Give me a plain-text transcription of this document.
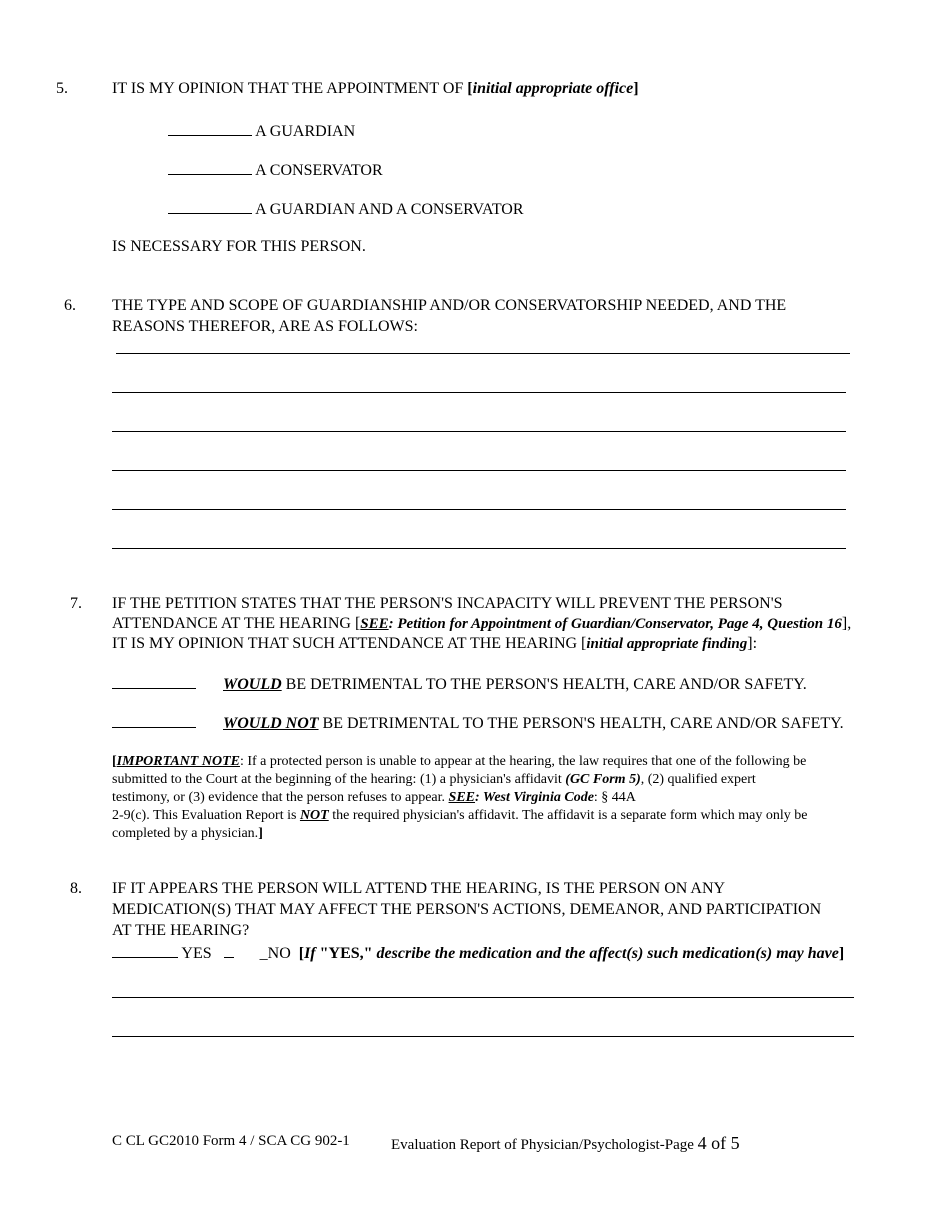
5.	IT IS MY OPINION THAT THE APPOINTMENT OF [initial appropriate office]
A GUARDIAN
A CONSERVATOR
A GUARDIAN AND A CONSERVATOR
IS NECESSARY FOR THIS PERSON.
6. THE TYPE AND SCOPE OF GUARDIANSHIP AND/OR CONSERVATORSHIP NEEDED, AND THE
REASONS THEREFOR, ARE AS FOLLOWS:
7. IF THE PETITION STATES THAT THE PERSON'S INCAPACITY WILL PREVENT THE PERSON'S
ATTENDANCE AT THE HEARING [SEE: Petition for Appointment of Guardian/Conservator, Page 4, Question 16],
IT IS MY OPINION THAT SUCH ATTENDANCE AT THE HEARING [initial appropriate finding]:
WOULD BE DETRIMENTAL TO THE PERSON'S HEALTH, CARE AND/OR SAFETY.
WOULD NOT BE DETRIMENTAL TO THE PERSON'S HEALTH, CARE AND/OR SAFETY.
[IMPORTANT NOTE: If a protected person is unable to appear at the hearing, the law requires that one of the following be
submitted to the Court at the beginning of the hearing: (1) a physician's affidavit (GC Form 5), (2) qualified expert
testimony, or (3) evidence that the person refuses to appear. SEE: West Virginia Code: § 44A
2-9(c). This Evaluation Report is NOT the required physician's affidavit. The affidavit is a separate form which may only be
completed by a physician.]
8. IF IT APPEARS THE PERSON WILL ATTEND THE HEARING, IS THE PERSON ON ANY
MEDICATION(S) THAT MAY AFFECT THE PERSON'S ACTIONS, DEMEANOR, AND PARTICIPATION
AT THE HEARING?
YES	_NO [If "YES," describe the medication and the affect(s) such medication(s) may have]
C CL GC2010 Form 4 / SCA CG 902-1	Evaluation Report of Physician/Psychologist-Page 4 of 5
